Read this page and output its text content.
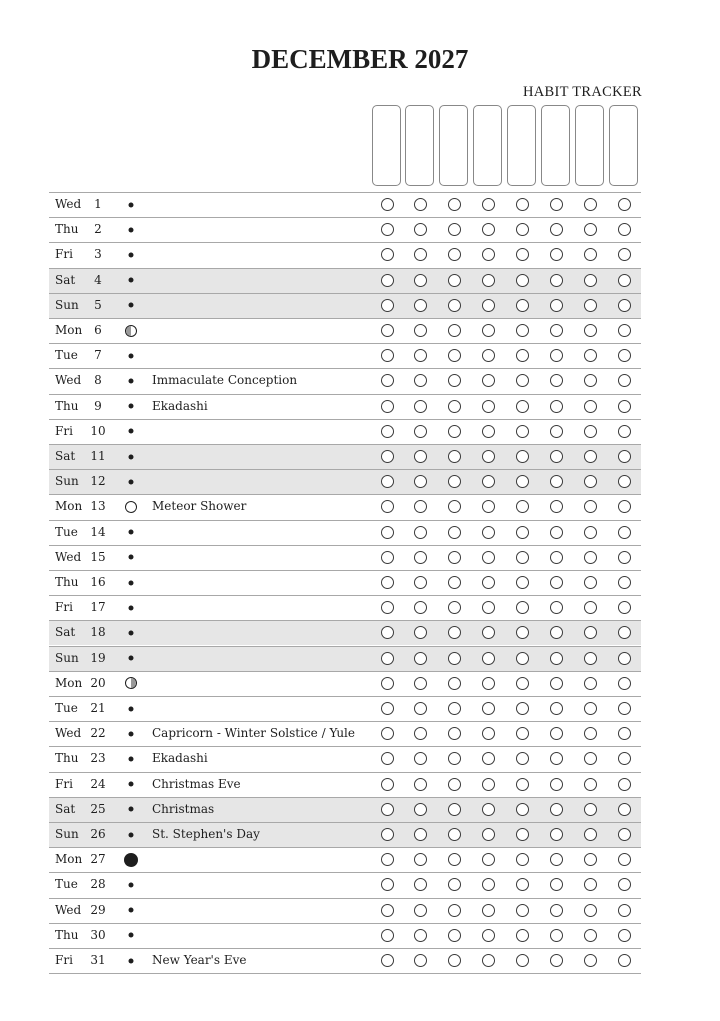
DECEMBER 2027
HABIT TRACKER
Wed	1
Thu	2
Fri	3
Sat	4
Sun	5
Mon 6
Tue	7
Wed	8	Immaculate Conception
Thu	9	Ekadashi
Fri 10
Sat 11
Sun 12
Mon 13	Meteor Shower
Tue 14
Wed 15
Thu 16
Fri 17
Sat 18
Sun 19
Mon 20
Tue 21
Wed 22	Capricorn - Winter Solstice / Yule
Thu 23	Ekadashi
Fri 24	Christmas Eve
Sat 25	Christmas
Sun 26	St. Stephen's Day
Mon 27
Tue 28
Wed 29
Thu 30
Fri 31	New Year's Eve
